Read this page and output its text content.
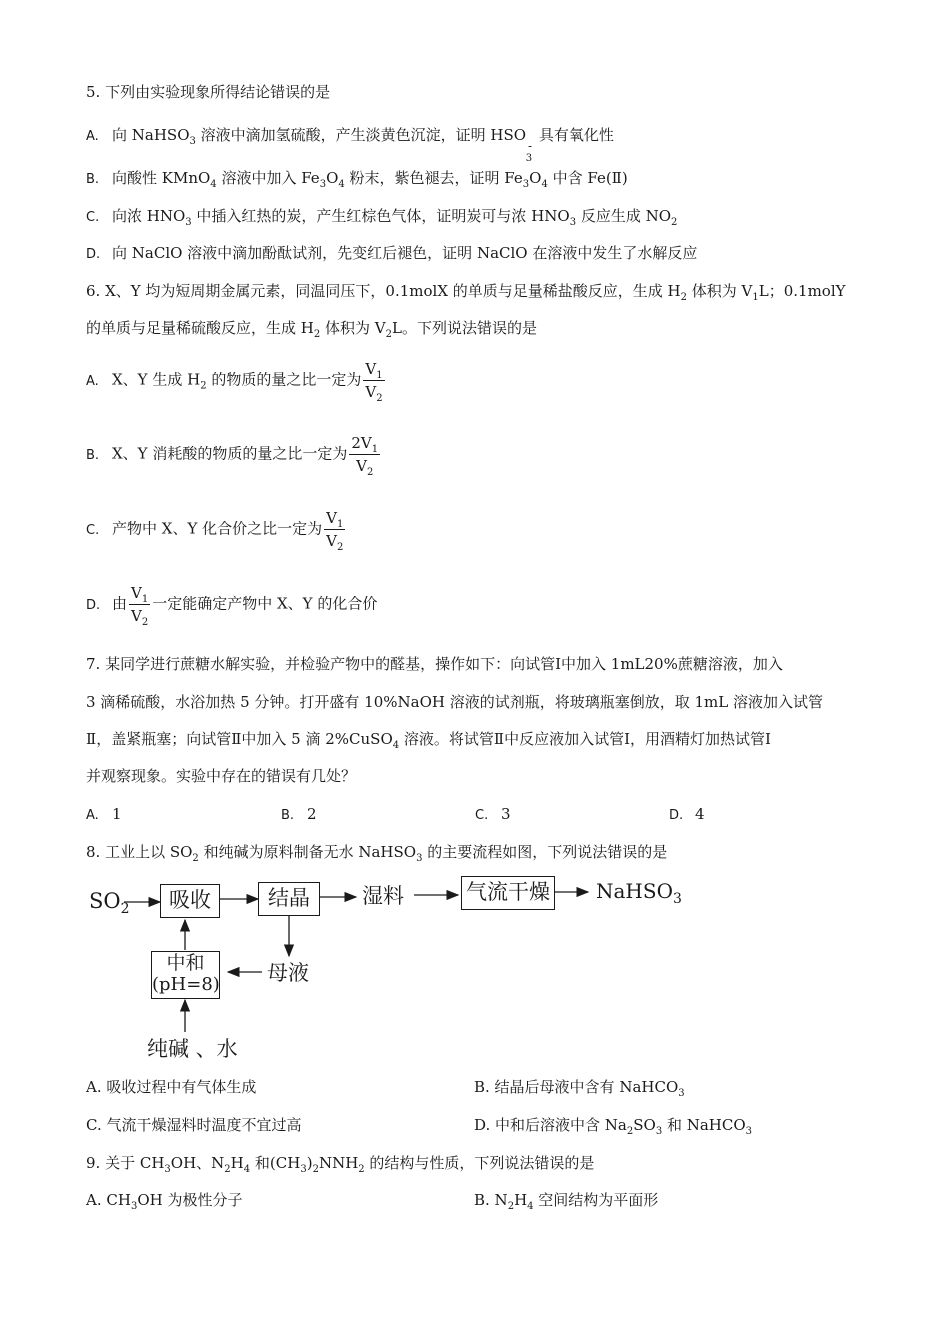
5. 下列由实验现象所得结论错误的是
A. 向 NaHSO$_3$ 溶液中滴加氢硫酸，产生淡黄色沉淀，证明 HSO
-
3
具有氧化性
B. 向酸性 KMnO$_4$ 溶液中加入 $Fe_3O_4$ 粉末，紫色褪去，证明 $Fe_3O_4$ 中含 Fe(Ⅱ)
C. 向浓 $HNO_3$ 中插入红热的炭，产生红棕色气体，证明炭可与浓 $HNO_3$ 反应生成 $NO_2$
D. 向 NaClO 溶液中滴加酚酞试剂，先变红后褪色，证明 NaClO 在溶液中发生了水解反应
6. X、Y 均为短周期金属元素，同温同压下，0.1molX 的单质与足量稀盐酸反应，生成 $H_2$ 体积为 $V_1L$；0.1molY
的单质与足量稀硫酸反应，生成 $H_2$ 体积为 $V_2L$。下列说法错误的是
A. X、Y 生成 $H_2$ 的物质的量之比一定为 $\frac{V_1}{V_2}$
B. X、Y 消耗酸的物质的量之比一定为 $\frac{2V_1}{V_2}$
C. 产物中 X、Y 化合价之比一定为 $\frac{V_1}{V_2}$
D. 由 $\frac{V_1}{V_2}$ 一定能确定产物中 X、Y 的化合价
7. 某同学进行蔗糖水解实验，并检验产物中的醛基，操作如下：向试管Ⅰ中加入 1mL20%蔗糖溶液，加入
3 滴稀硫酸，水浴加热 5 分钟。打开盛有 10%NaOH 溶液的试剂瓶，将玻璃瓶塞倒放，取 1mL 溶液加入试管
Ⅱ，盖紧瓶塞；向试管Ⅱ中加入 5 滴 2%CuSO$_4$ 溶液。将试管Ⅱ中反应液加入试管Ⅰ，用酒精灯加热试管Ⅰ
并观察现象。实验中存在的错误有几处？
A. 1	B. 2	C. 3	D. 4
8. 工业上以 $SO_2$ 和纯碱为原料制备无水 NaHSO$_3$ 的主要流程如图，下列说法错误的是
$SO_2$	吸收	结晶	湿料	气流干燥 NaHSO$_3$
中和
(pH=8) 母液
纯碱 、水
A. 吸收过程中有气体生成	B. 结晶后母液中含有 NaHCO$_3$
C. 气流干燥湿料时温度不宜过高	D. 中和后溶液中含 $Na_2SO_3$ 和 NaHCO$_3$
9. 关于 $CH_3OH$、$N_2H_4$ 和$(CH_3)_2NNH_2$ 的结构与性质，下列说法错误的是
A. $CH_3OH$ 为极性分子	B. $N_2H_4$ 空间结构为平面形
